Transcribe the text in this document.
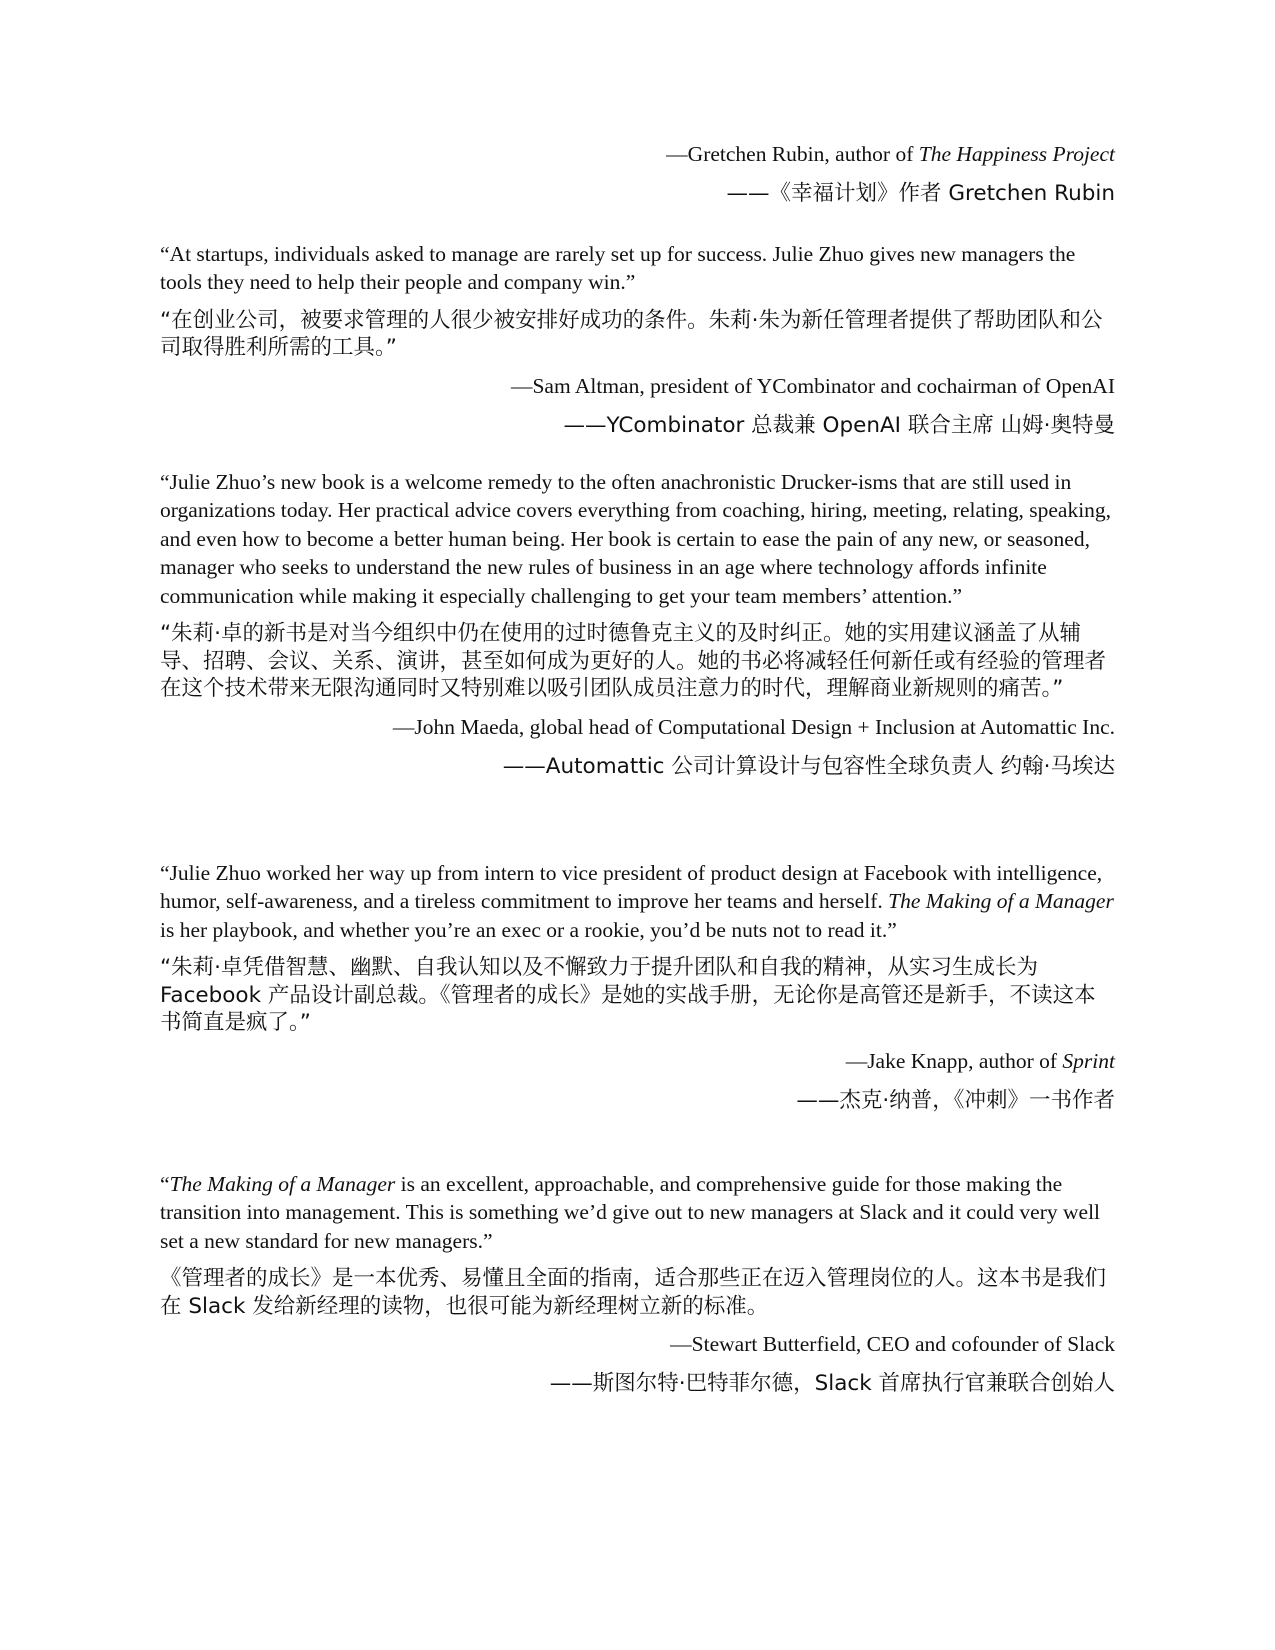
—Gretchen Rubin, author of The Happiness Project

——《幸福计划》作者 Gretchen Rubin

“At startups, individuals asked to manage are rarely set up for success. Julie Zhuo gives new managers the tools they need to help their people and company win.”

“在创业公司，被要求管理的人很少被安排好成功的条件。朱莉·朱为新任管理者提供了帮助团队和公司取得胜利所需的工具。”

—Sam Altman, president of YCombinator and cochairman of OpenAI

——YCombinator 总裁兼 OpenAI 联合主席 山姆·奥特曼

“Julie Zhuo’s new book is a welcome remedy to the often anachronistic Drucker-isms that are still used in organizations today. Her practical advice covers everything from coaching, hiring, meeting, relating, speaking, and even how to become a better human being. Her book is certain to ease the pain of any new, or seasoned, manager who seeks to understand the new rules of business in an age where technology affords infinite communication while making it especially challenging to get your team members’ attention.”

“朱莉·卓的新书是对当今组织中仍在使用的过时德鲁克主义的及时纠正。她的实用建议涵盖了从辅导、招聘、会议、关系、演讲，甚至如何成为更好的人。她的书必将减轻任何新任或有经验的管理者在这个技术带来无限沟通同时又特别难以吸引团队成员注意力的时代，理解商业新规则的痛苦。”

—John Maeda, global head of Computational Design + Inclusion at Automattic Inc.

——Automattic 公司计算设计与包容性全球负责人 约翰·马埃达

“Julie Zhuo worked her way up from intern to vice president of product design at Facebook with intelligence, humor, self-awareness, and a tireless commitment to improve her teams and herself. The Making of a Manager is her playbook, and whether you’re an exec or a rookie, you’d be nuts not to read it.”

“朱莉·卓凭借智慧、幽默、自我认知以及不懈致力于提升团队和自我的精神，从实习生成长为 Facebook 产品设计副总裁。《管理者的成长》是她的实战手册，无论你是高管还是新手，不读这本书简直是疯了。”

—Jake Knapp, author of Sprint

——杰克·纳普，《冲刺》一书作者

“The Making of a Manager is an excellent, approachable, and comprehensive guide for those making the transition into management. This is something we’d give out to new managers at Slack and it could very well set a new standard for new managers.”

《管理者的成长》是一本优秀、易懂且全面的指南，适合那些正在迈入管理岗位的人。这本书是我们在 Slack 发给新经理的读物，也很可能为新经理树立新的标准。

—Stewart Butterfield, CEO and cofounder of Slack

——斯图尔特·巴特菲尔德，Slack 首席执行官兼联合创始人
